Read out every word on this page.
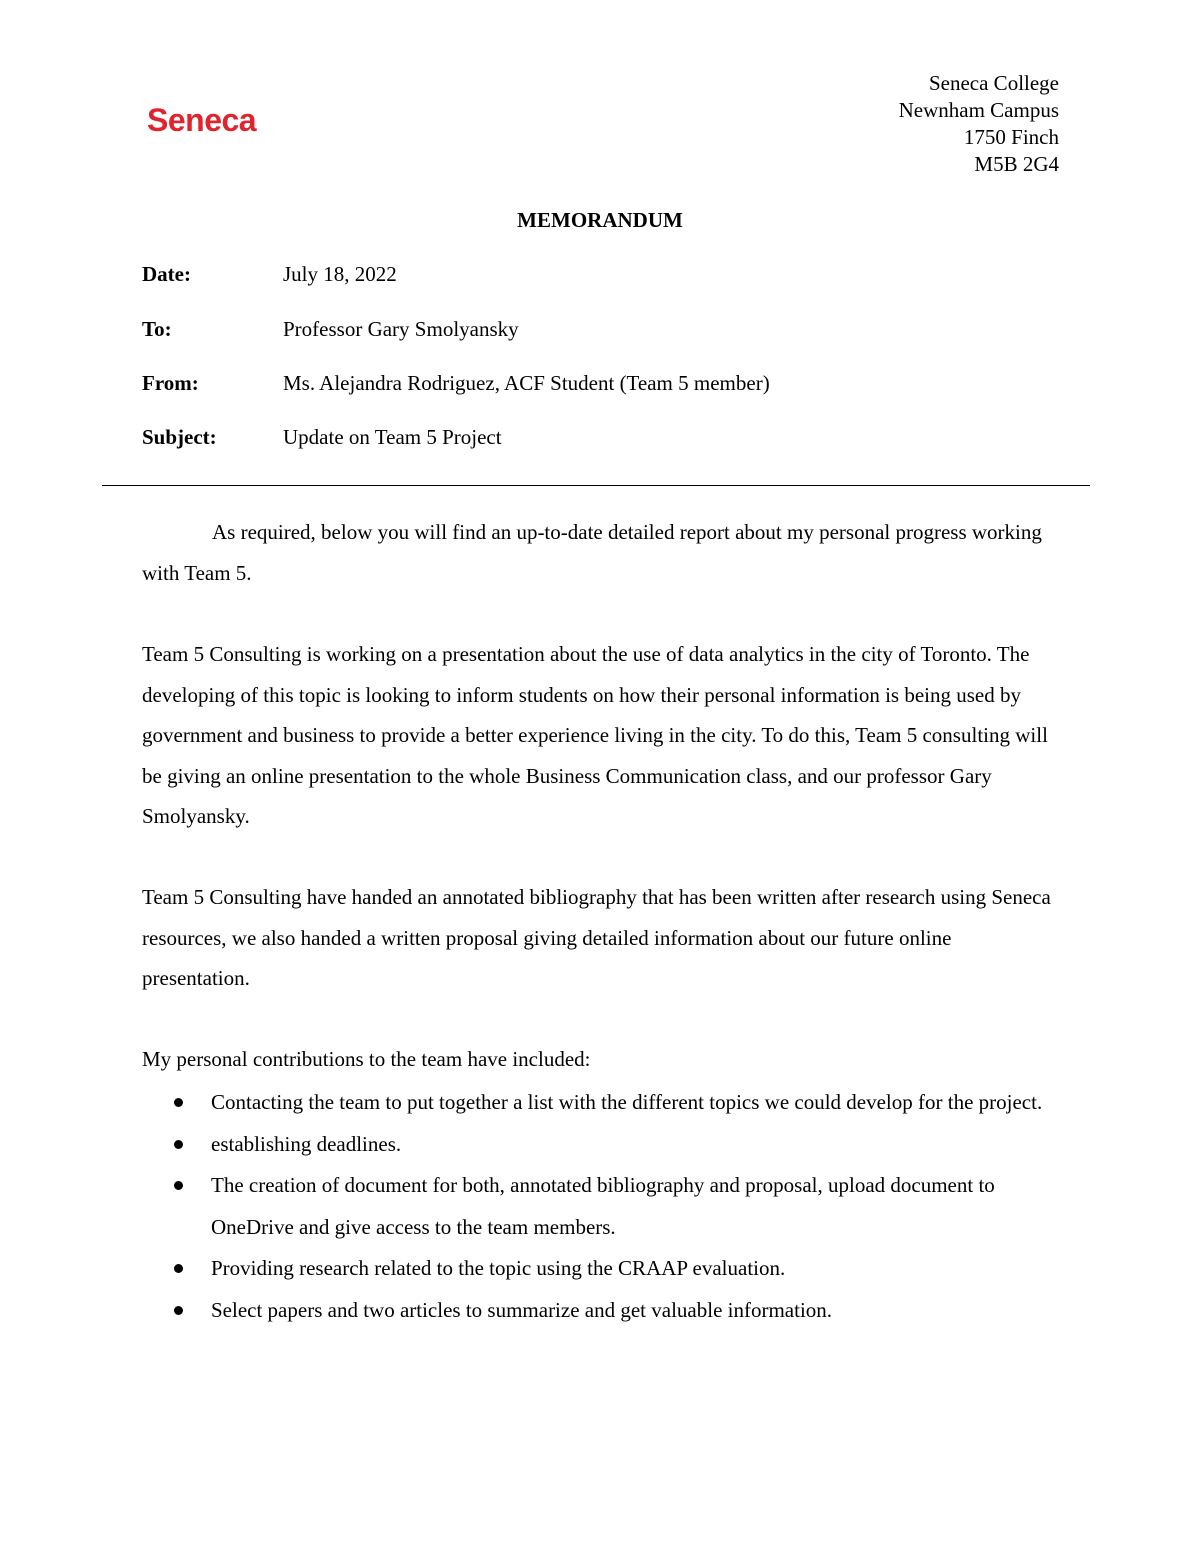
Seneca
Seneca College
Newnham Campus
1750 Finch
M5B 2G4
MEMORANDUM
Date:	July 18, 2022
To:	Professor Gary Smolyansky
From:	Ms. Alejandra Rodriguez, ACF Student (Team 5 member)
Subject:	Update on Team 5 Project

As required, below you will find an up-to-date detailed report about my personal progress working with Team 5.

Team 5 Consulting is working on a presentation about the use of data analytics in the city of Toronto. The developing of this topic is looking to inform students on how their personal information is being used by government and business to provide a better experience living in the city. To do this, Team 5 consulting will be giving an online presentation to the whole Business Communication class, and our professor Gary Smolyansky.

Team 5 Consulting have handed an annotated bibliography that has been written after research using Seneca resources, we also handed a written proposal giving detailed information about our future online presentation.

My personal contributions to the team have included:

Contacting the team to put together a list with the different topics we could develop for the project.
establishing deadlines.
The creation of document for both, annotated bibliography and proposal, upload document to OneDrive and give access to the team members.
Providing research related to the topic using the CRAAP evaluation.
Select papers and two articles to summarize and get valuable information.
